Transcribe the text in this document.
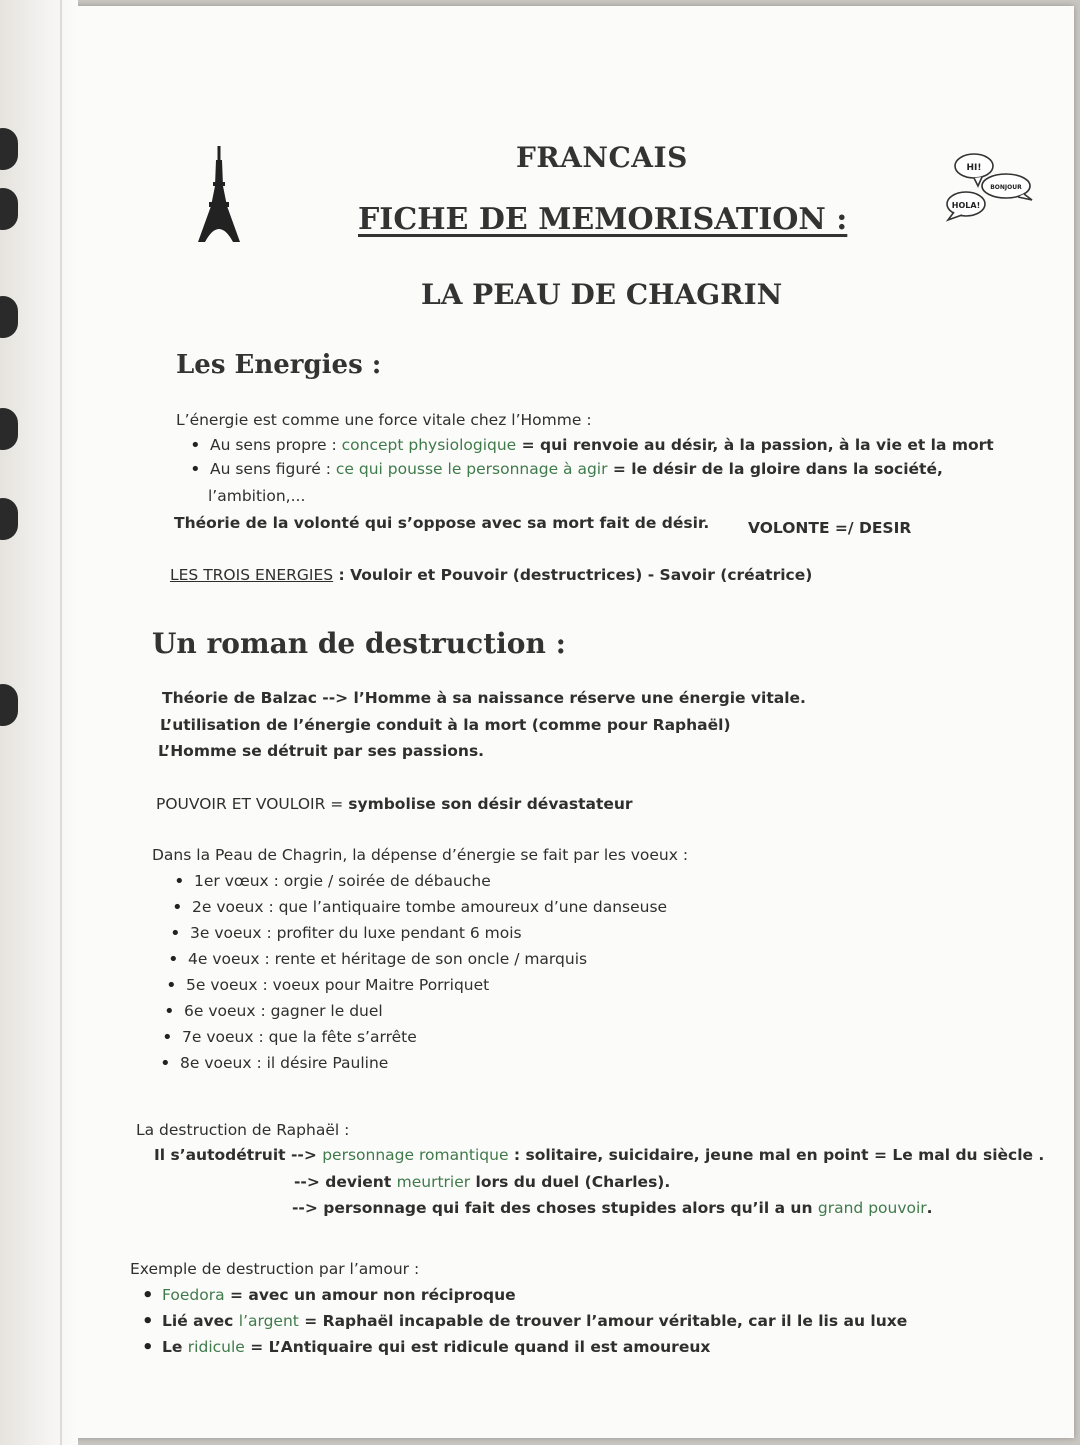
HI!
BONJOUR
HOLA!
FRANCAIS
FICHE DE MEMORISATION :
LA PEAU DE CHAGRIN
Les Energies :

L’énergie est comme une force vitale chez l’Homme :

• Au sens propre : concept physiologique = qui renvoie au désir, à la passion, à la vie et la mort
• Au sens figuré : ce qui pousse le personnage à agir = le désir de la gloire dans la société,

l’ambition,...

Théorie de la volonté qui s’oppose avec sa mort fait de désir.	VOLONTE =/ DESIR

LES TROIS ENERGIES : Vouloir et Pouvoir (destructrices) - Savoir (créatrice)

Un roman de destruction :

Théorie de Balzac --> l’Homme à sa naissance réserve une énergie vitale.

L’utilisation de l’énergie conduit à la mort (comme pour Raphaël)

L’Homme se détruit par ses passions.

POUVOIR ET VOULOIR = symbolise son désir dévastateur

Dans la Peau de Chagrin, la dépense d’énergie se fait par les voeux :

• 1er vœux : orgie / soirée de débauche
• 2e voeux : que l’antiquaire tombe amoureux d’une danseuse
• 3e voeux : profiter du luxe pendant 6 mois
• 4e voeux : rente et héritage de son oncle / marquis
• 5e voeux : voeux pour Maitre Porriquet
• 6e voeux : gagner le duel
• 7e voeux : que la fête s’arrête
• 8e voeux : il désire Pauline

La destruction de Raphaël :

Il s’autodétruit --> personnage romantique : solitaire, suicidaire, jeune mal en point = Le mal du siècle .

--> devient meurtrier lors du duel (Charles).

--> personnage qui fait des choses stupides alors qu’il a un grand pouvoir.

Exemple de destruction par l’amour :

• Foedora = avec un amour non réciproque
• Lié avec l’argent = Raphaël incapable de trouver l’amour véritable, car il le lis au luxe
• Le ridicule = L’Antiquaire qui est ridicule quand il est amoureux
